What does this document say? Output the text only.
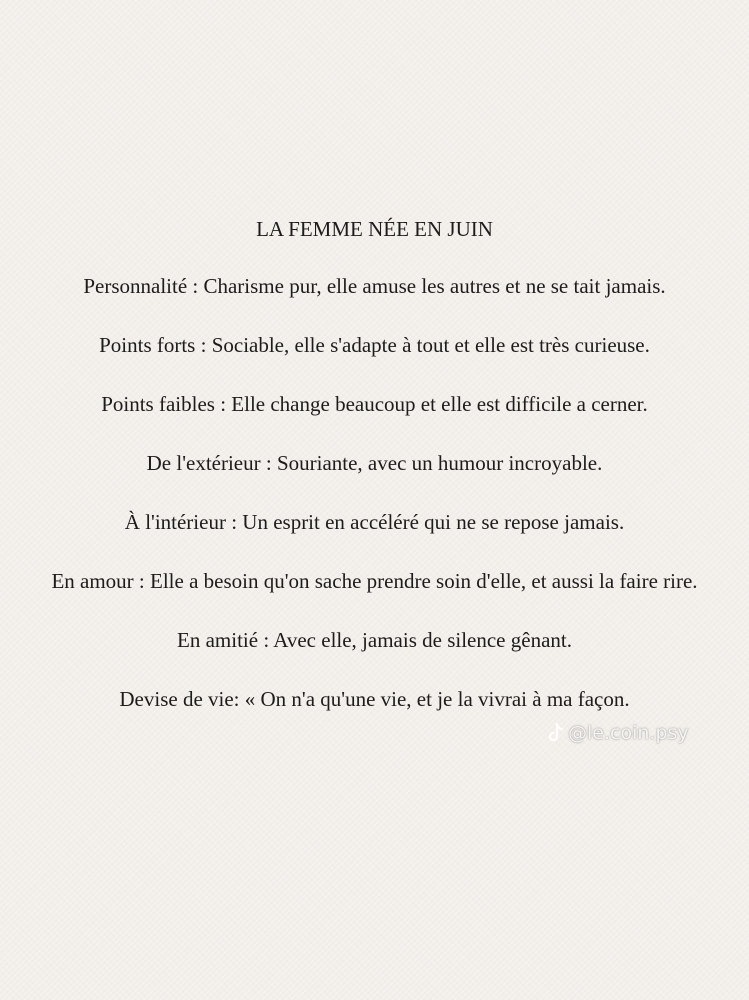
LA FEMME NÉE EN JUIN
Personnalité : Charisme pur, elle amuse les autres et ne se tait jamais.
Points forts : Sociable, elle s'adapte à tout et elle est très curieuse.
Points faibles : Elle change beaucoup et elle est difficile a cerner.
De l'extérieur : Souriante, avec un humour incroyable.
À l'intérieur : Un esprit en accéléré qui ne se repose jamais.
En amour : Elle a besoin qu'on sache prendre soin d'elle, et aussi la faire rire.
En amitié : Avec elle, jamais de silence gênant.
Devise de vie: « On n'a qu'une vie, et je la vivrai à ma façon.
@le.coin.psy
